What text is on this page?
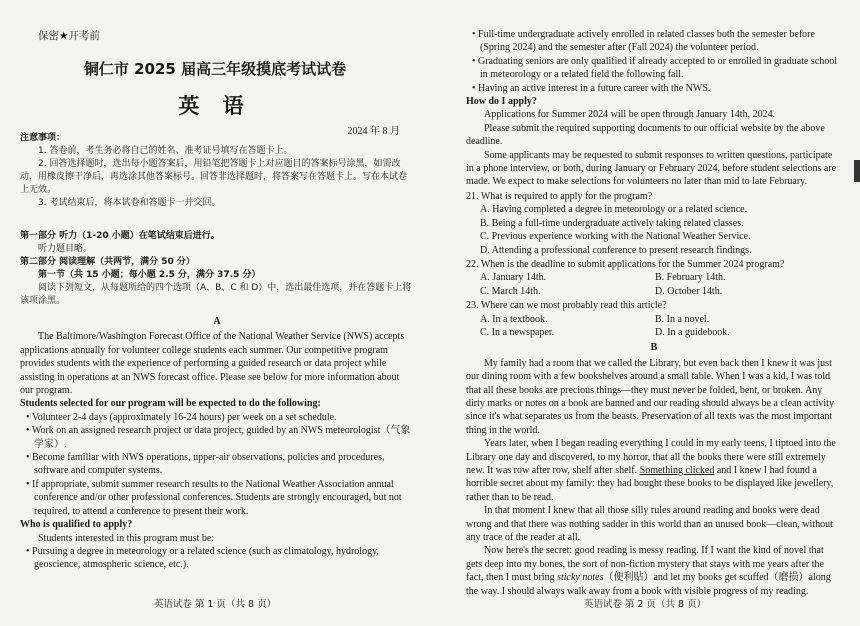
保密★开考前
铜仁市 2025 届高三年级摸底考试试卷
英 语
2024 年 8 月

注意事项：

1. 答卷前，考生务必将自己的姓名、准考证号填写在答题卡上。

2. 回答选择题时，选出每小题答案后，用铅笔把答题卡上对应题目的答案标号涂黑，如需改动，用橡皮擦干净后，再选涂其他答案标号。回答非选择题时，将答案写在答题卡上。写在本试卷上无效。

3. 考试结束后，将本试卷和答题卡一并交回。

第一部分 听力（1-20 小题）在笔试结束后进行。

听力题目略。

第二部分 阅读理解（共两节，满分 50 分）

第一节（共 15 小题；每小题 2.5 分，满分 37.5 分）

阅读下列短文，从每题所给的四个选项（A、B、C 和 D）中，选出最佳选项，并在答题卡上将该项涂黑。

A

The Baltimore/Washington Forecast Office of the National Weather Service (NWS) accepts applications annually for volunteer college students each summer. Our competitive program provides students with the experience of performing a guided research or data project while assisting in operations at an NWS forecast office. Please see below for more information about our program.

Students selected for our program will be expected to do the following:

• Volunteer 2-4 days (approximately 16-24 hours) per week on a set schedule.

• Work on an assigned research project or data project, guided by an NWS meteorologist（气象学家）.

• Become familiar with NWS operations, upper-air observations, policies and procedures, software and computer systems.

• If appropriate, submit summer research results to the National Weather Association annual conference and/or other professional conferences. Students are strongly encouraged, but not required, to attend a conference to present their work.

Who is qualified to apply?

Students interested in this program must be:

• Pursuing a degree in meteorology or a related science (such as climatology, hydrology, geoscience, atmospheric science, etc.).

英语试卷 第 1 页（共 8 页）

• Full-time undergraduate actively enrolled in related classes both the semester before (Spring 2024) and the semester after (Fall 2024) the volunteer period.

• Graduating seniors are only qualified if already accepted to or enrolled in graduate school in meteorology or a related field the following fall.

• Having an active interest in a future career with the NWS.

How do I apply?

Applications for Summer 2024 will be open through January 14th, 2024.

Please submit the required supporting documents to our official website by the above deadline.

Some applicants may be requested to submit responses to written questions, participate in a phone interview, or both, during January or February 2024, before student selections are made. We expect to make selections for volunteers no later than mid to late February.

21. What is required to apply for the program?

A. Having completed a degree in meteorology or a related science.

B. Being a full-time undergraduate actively taking related classes.

C. Previous experience working with the National Weather Service.

D. Attending a professional conference to present research findings.

22. When is the deadline to submit applications for the Summer 2024 program?

A. January 14th.	B. February 14th.
C. March 14th.	D. October 14th.

23. Where can we most probably read this article?

A. In a textbook.	B. In a novel.
C. In a newspaper.	D. In a guidebook.

B

My family had a room that we called the Library, but even back then I knew it was just our dining room with a few bookshelves around a small table. When I was a kid, I was told that all these books are precious things—they must never be folded, bent, or broken. Any dirty marks or notes on a book are banned and our reading should always be a clean activity since it's what separates us from the beasts. Preservation of all texts was the most important thing in the world.

Years later, when I began reading everything I could in my early teens, I tiptoed into the Library one day and discovered, to my horror, that all the books there were still extremely new. It was row after row, shelf after shelf. Something clicked and I knew I had found a horrible secret about my family: they had bought these books to be displayed like jewellery, rather than to be read.

In that moment I knew that all those silly rules around reading and books were dead wrong and that there was nothing sadder in this world than an unused book—clean, without any trace of the reader at all.

Now here's the secret: good reading is messy reading. If I want the kind of novel that gets deep into my bones, the sort of non-fiction mystery that stays with me years after the fact, then I must bring sticky notes（便利贴）and let my books get scuffed（磨损）along the way. I should always walk away from a book with visible progress of my reading.

英语试卷 第 2 页（共 8 页）
